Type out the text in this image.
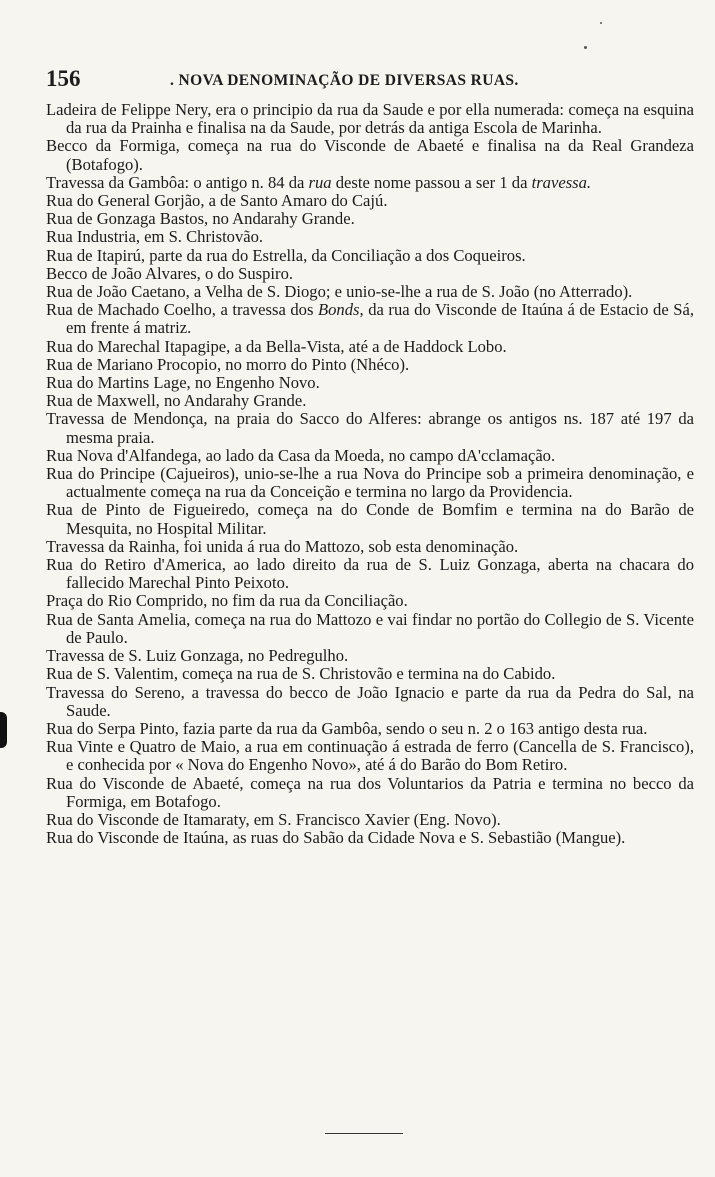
156	. NOVA DENOMINAÇÃO DE DIVERSAS RUAS.

Ladeira de Felippe Nery, era o principio da rua da Saude e por ella numerada: começa na esquina da rua da Prainha e finalisa na da Saude, por detrás da antiga Escola de Marinha.

Becco da Formiga, começa na rua do Visconde de Abaeté e finalisa na da Real Grandeza (Botafogo).

Travessa da Gambôa: o antigo n. 84 da rua deste nome passou a ser 1 da travessa.

Rua do General Gorjão, a de Santo Amaro do Cajú.

Rua de Gonzaga Bastos, no Andarahy Grande.

Rua Industria, em S. Christovão.

Rua de Itapirú, parte da rua do Estrella, da Conciliação a dos Coqueiros.

Becco de João Alvares, o do Suspiro.

Rua de João Caetano, a Velha de S. Diogo; e unio-se-lhe a rua de S. João (no Atterrado).

Rua de Machado Coelho, a travessa dos Bonds, da rua do Visconde de Itaúna á de Estacio de Sá, em frente á matriz.

Rua do Marechal Itapagipe, a da Bella-Vista, até a de Haddock Lobo.

Rua de Mariano Procopio, no morro do Pinto (Nhéco).

Rua do Martins Lage, no Engenho Novo.

Rua de Maxwell, no Andarahy Grande.

Travessa de Mendonça, na praia do Sacco do Alferes: abrange os antigos ns. 187 até 197 da mesma praia.

Rua Nova d'Alfandega, ao lado da Casa da Moeda, no campo dA'cclamação.

Rua do Principe (Cajueiros), unio-se-lhe a rua Nova do Principe sob a primeira denominação, e actualmente começa na rua da Conceição e termina no largo da Providencia.

Rua de Pinto de Figueiredo, começa na do Conde de Bomfim e termina na do Barão de Mesquita, no Hospital Militar.

Travessa da Rainha, foi unida á rua do Mattozo, sob esta denominação.

Rua do Retiro d'America, ao lado direito da rua de S. Luiz Gonzaga, aberta na chacara do fallecido Marechal Pinto Peixoto.

Praça do Rio Comprido, no fim da rua da Conciliação.

Rua de Santa Amelia, começa na rua do Mattozo e vai findar no portão do Collegio de S. Vicente de Paulo.

Travessa de S. Luiz Gonzaga, no Pedregulho.

Rua de S. Valentim, começa na rua de S. Christovão e termina na do Cabido.

Travessa do Sereno, a travessa do becco de João Ignacio e parte da rua da Pedra do Sal, na Saude.

Rua do Serpa Pinto, fazia parte da rua da Gambôa, sendo o seu n. 2 o 163 antigo desta rua.

Rua Vinte e Quatro de Maio, a rua em continuação á estrada de ferro (Cancella de S. Francisco), e conhecida por « Nova do Engenho Novo», até á do Barão do Bom Retiro.

Rua do Visconde de Abaeté, começa na rua dos Voluntarios da Patria e termina no becco da Formiga, em Botafogo.

Rua do Visconde de Itamaraty, em S. Francisco Xavier (Eng. Novo).

Rua do Visconde de Itaúna, as ruas do Sabão da Cidade Nova e S. Sebastião (Mangue).
